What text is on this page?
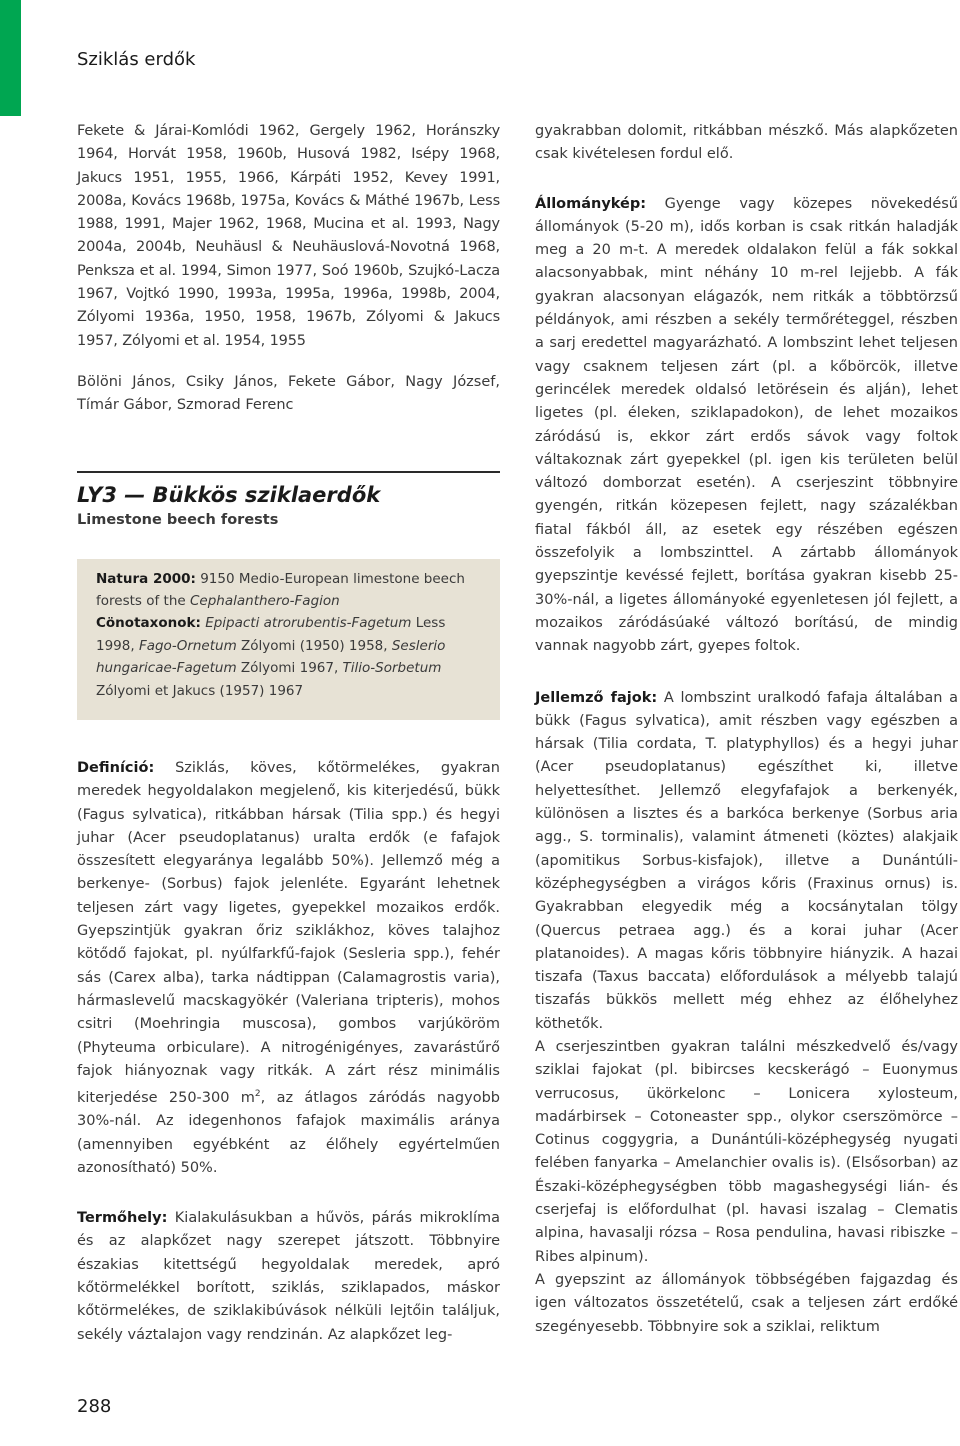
Sziklás erdők

Fekete & Járai-Komlódi 1962, Gergely 1962, Horánszky 1964, Horvát 1958, 1960b, Husová 1982, Isépy 1968, Jakucs 1951, 1955, 1966, Kárpáti 1952, Kevey 1991, 2008a, Kovács 1968b, 1975a, Kovács & Máthé 1967b, Less 1988, 1991, Majer 1962, 1968, Mucina et al. 1993, Nagy 2004a, 2004b, Neuhäusl & Neuhäuslová-Novotná 1968, Penksza et al. 1994, Simon 1977, Soó 1960b, Szujkó-Lacza 1967, Vojtkó 1990, 1993a, 1995a, 1996a, 1998b, 2004, Zólyomi 1936a, 1950, 1958, 1967b, Zólyomi & Jakucs 1957, Zólyomi et al. 1954, 1955

Bölöni János, Csiky János, Fekete Gábor, Nagy József, Tímár Gábor, Szmorad Ferenc

LY3 — Bükkös sziklaerdők
Limestone beech forests

Natura 2000: 9150 Medio-European limestone beech forests of the Cephalanthero-Fagion
Cönotaxonok: Epipacti atrorubentis-Fagetum Less 1998, Fago-Ornetum Zólyomi (1950) 1958, Seslerio hungaricae-Fagetum Zólyomi 1967, Tilio-Sorbetum Zólyomi et Jakucs (1957) 1967

Definíció: Sziklás, köves, kőtörmelékes, gyakran meredek hegyoldalakon megjelenő, kis kiterjedésű, bükk (Fagus sylvatica), ritkábban hársak (Tilia spp.) és hegyi juhar (Acer pseudoplatanus) uralta erdők (e fafajok összesített elegyaránya legalább 50%). Jellemző még a berkenye- (Sorbus) fajok jelenléte. Egyaránt lehetnek teljesen zárt vagy ligetes, gyepekkel mozaikos erdők. Gyepszintjük gyakran őriz sziklákhoz, köves talajhoz kötődő fajokat, pl. nyúlfarkfű-fajok (Sesleria spp.), fehér sás (Carex alba), tarka nádtippan (Calamagrostis varia), hármaslevelű macskagyökér (Valeriana tripteris), mohos csitri (Moehringia muscosa), gombos varjúköröm (Phyteuma orbiculare). A nitrogénigényes, zavarástűrő fajok hiányoznak vagy ritkák. A zárt rész minimális kiterjedése 250-300 $m^2$, az átlagos záródás nagyobb 30%-nál. Az idegenhonos fafajok maximális aránya (amennyiben egyébként az élőhely egyértelműen azonosítható) 50%.

Termőhely: Kialakulásukban a hűvös, párás mikroklíma és az alapkőzet nagy szerepet játszott. Többnyire északias kitettségű hegyoldalak meredek, apró kőtörmelékkel borított, sziklás, sziklapados, máskor kőtörmelékes, de sziklakibúvások nélküli lejtőin találjuk, sekély váztalajon vagy rendzinán. Az alapkőzet leg-

gyakrabban dolomit, ritkábban mészkő. Más alapkőzeten csak kivételesen fordul elő.

Állománykép: Gyenge vagy közepes növekedésű állományok (5-20 m), idős korban is csak ritkán haladják meg a 20 m-t. A meredek oldalakon felül a fák sokkal alacsonyabbak, mint néhány 10 m-rel lejjebb. A fák gyakran alacsonyan elágazók, nem ritkák a többtörzsű példányok, ami részben a sekély termőréteggel, részben a sarj eredettel magyarázható. A lombszint lehet teljesen vagy csaknem teljesen zárt (pl. a kőbörcök, illetve gerincélek meredek oldalsó letörésein és alján), lehet ligetes (pl. éleken, sziklapadokon), de lehet mozaikos záródású is, ekkor zárt erdős sávok vagy foltok váltakoznak zárt gyepekkel (pl. igen kis területen belül változó domborzat esetén). A cserjeszint többnyire gyengén, ritkán közepesen fejlett, nagy százalékban fiatal fákból áll, az esetek egy részében egészen összefolyik a lombszinttel. A zártabb állományok gyepszintje kevéssé fejlett, borítása gyakran kisebb 25-30%-nál, a ligetes állományoké egyenletesen jól fejlett, a mozaikos záródásúaké változó borítású, de mindig vannak nagyobb zárt, gyepes foltok.

Jellemző fajok: A lombszint uralkodó fafaja általában a bükk (Fagus sylvatica), amit részben vagy egészben a hársak (Tilia cordata, T. platyphyllos) és a hegyi juhar (Acer pseudoplatanus) egészíthet ki, illetve helyettesíthet. Jellemző elegyfafajok a berkenyék, különösen a lisztes és a barkóca berkenye (Sorbus aria agg., S. torminalis), valamint átmeneti (köztes) alakjaik (apomitikus Sorbus-kisfajok), illetve a Dunántúli-középhegységben a virágos kőris (Fraxinus ornus) is. Gyakrabban elegyedik még a kocsánytalan tölgy (Quercus petraea agg.) és a korai juhar (Acer platanoides). A magas kőris többnyire hiányzik. A hazai tiszafa (Taxus baccata) előfordulások a mélyebb talajú tiszafás bükkös mellett még ehhez az élőhelyhez köthetők.

A cserjeszintben gyakran találni mészkedvelő és/vagy sziklai fajokat (pl. bibircses kecskerágó – Euonymus verrucosus, ükörkelonc – Lonicera xylosteum, madárbirsek – Cotoneaster spp., olykor cserszömörce – Cotinus coggygria, a Dunántúli-középhegység nyugati felében fanyarka – Amelanchier ovalis is). (Elsősorban) az Északi-középhegységben több magashegységi lián- és cserjefaj is előfordulhat (pl. havasi iszalag – Clematis alpina, havasalji rózsa – Rosa pendulina, havasi ribiszke – Ribes alpinum).

A gyepszint az állományok többségében fajgazdag és igen változatos összetételű, csak a teljesen zárt erdőké szegényesebb. Többnyire sok a sziklai, reliktum

288
